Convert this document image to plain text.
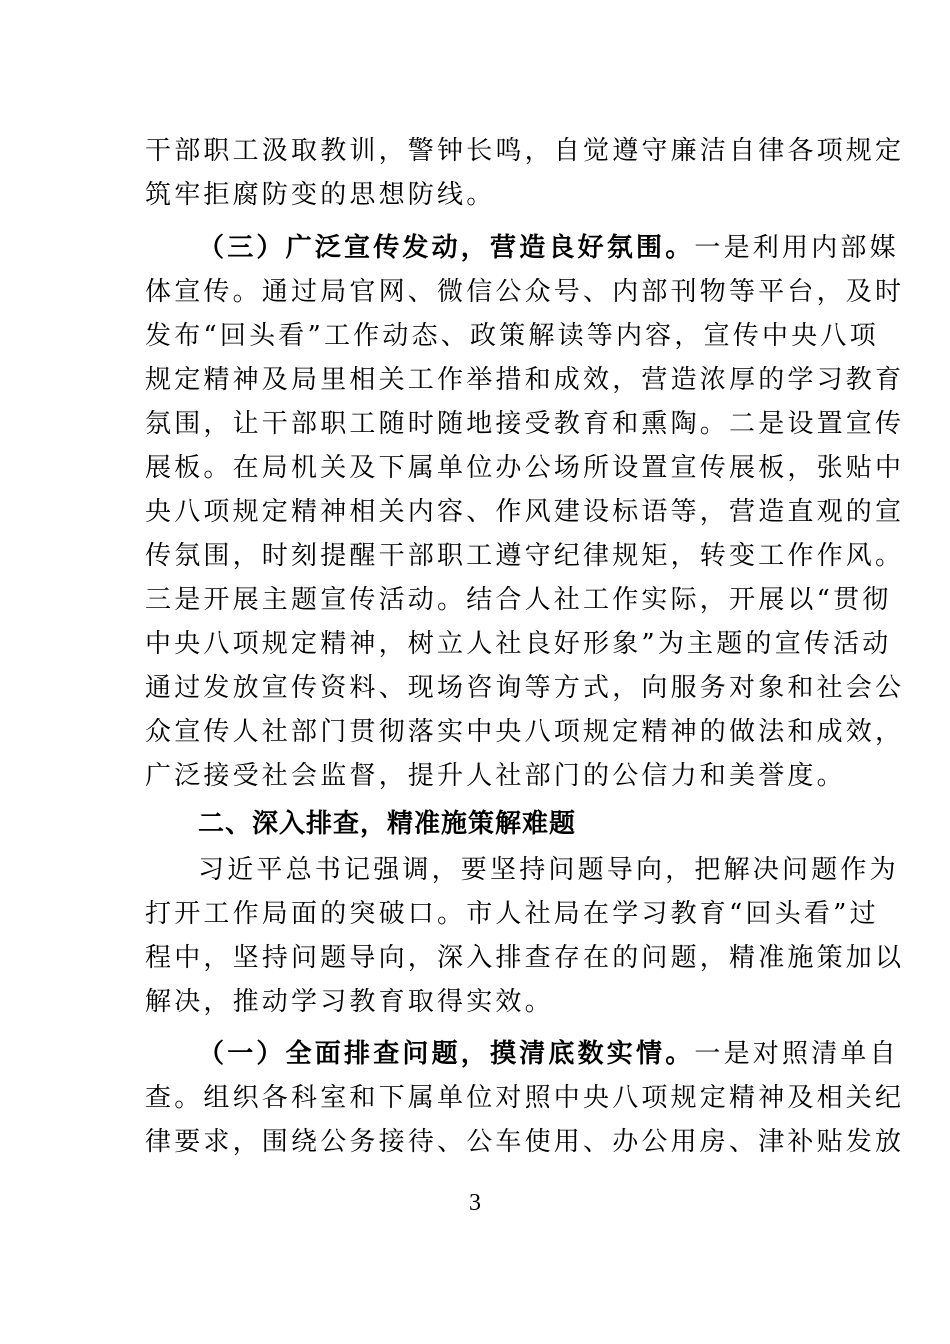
干部职工汲取教训，警钟长鸣，自觉遵守廉洁自律各项规定
筑牢拒腐防变的思想防线。
（三）广泛宣传发动，营造良好氛围。一是利用内部媒
体宣传。通过局官网、微信公众号、内部刊物等平台，及时
发布“回头看”工作动态、政策解读等内容，宣传中央八项
规定精神及局里相关工作举措和成效，营造浓厚的学习教育
氛围，让干部职工随时随地接受教育和熏陶。二是设置宣传
展板。在局机关及下属单位办公场所设置宣传展板，张贴中
央八项规定精神相关内容、作风建设标语等，营造直观的宣
传氛围，时刻提醒干部职工遵守纪律规矩，转变工作作风。
三是开展主题宣传活动。结合人社工作实际，开展以“贯彻
中央八项规定精神，树立人社良好形象”为主题的宣传活动
通过发放宣传资料、现场咨询等方式，向服务对象和社会公
众宣传人社部门贯彻落实中央八项规定精神的做法和成效，
广泛接受社会监督，提升人社部门的公信力和美誉度。
二、深入排查，精准施策解难题
习近平总书记强调，要坚持问题导向，把解决问题作为
打开工作局面的突破口。市人社局在学习教育“回头看”过
程中，坚持问题导向，深入排查存在的问题，精准施策加以
解决，推动学习教育取得实效。
（一）全面排查问题，摸清底数实情。一是对照清单自
查。组织各科室和下属单位对照中央八项规定精神及相关纪
律要求，围绕公务接待、公车使用、办公用房、津补贴发放
3
